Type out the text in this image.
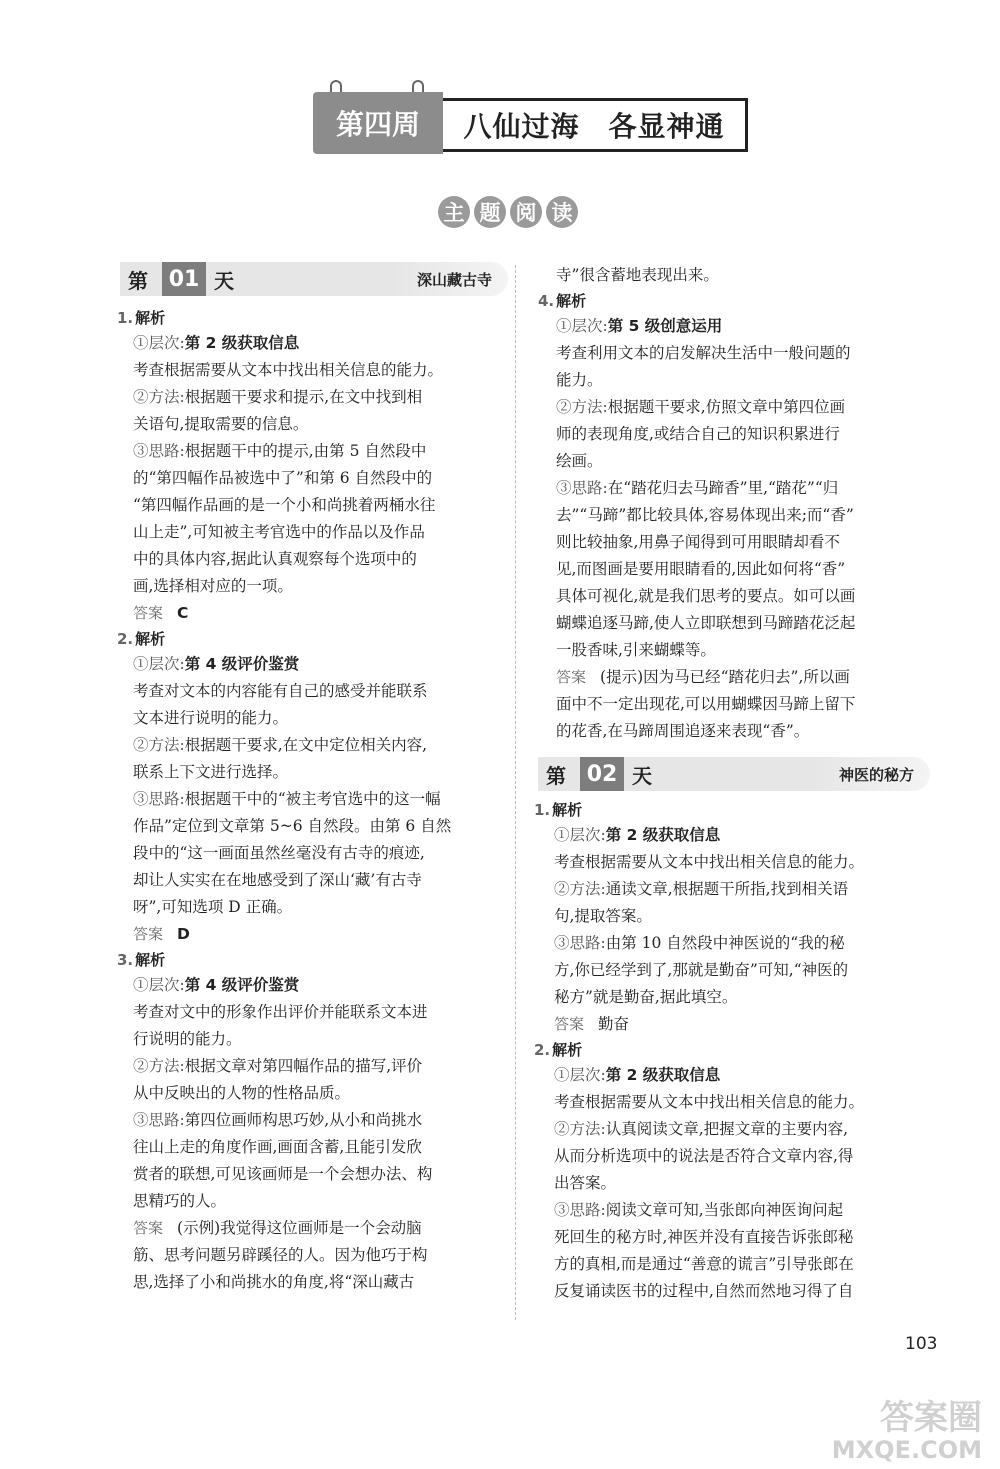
第四周	八仙过海　各显神通
主 题 阅 读
第 01 天	深山藏古寺
1. 解析
①层次:第 2 级获取信息
考查根据需要从文本中找出相关信息的能力。
②方法:根据题干要求和提示,在文中找到相
关语句,提取需要的信息。
③思路:根据题干中的提示,由第 5 自然段中
的“第四幅作品被选中了”和第 6 自然段中的
“第四幅作品画的是一个小和尚挑着两桶水往
山上走”,可知被主考官选中的作品以及作品
中的具体内容,据此认真观察每个选项中的
画,选择相对应的一项。
答案 C
2. 解析
①层次:第 4 级评价鉴赏
考查对文本的内容能有自己的感受并能联系
文本进行说明的能力。
②方法:根据题干要求,在文中定位相关内容,
联系上下文进行选择。
③思路:根据题干中的“被主考官选中的这一幅
作品”定位到文章第 5~6 自然段。由第 6 自然
段中的“这一画面虽然丝毫没有古寺的痕迹,
却让人实实在在地感受到了深山‘藏’有古寺
呀”,可知选项 D 正确。
答案 D
3. 解析
①层次:第 4 级评价鉴赏
考查对文中的形象作出评价并能联系文本进
行说明的能力。
②方法:根据文章对第四幅作品的描写,评价
从中反映出的人物的性格品质。
③思路:第四位画师构思巧妙,从小和尚挑水
往山上走的角度作画,画面含蓄,且能引发欣
赏者的联想,可见该画师是一个会想办法、构
思精巧的人。
答案 (示例)我觉得这位画师是一个会动脑
筋、思考问题另辟蹊径的人。因为他巧于构
思,选择了小和尚挑水的角度,将“深山藏古
寺”很含蓄地表现出来。
4. 解析
①层次:第 5 级创意运用
考查利用文本的启发解决生活中一般问题的
能力。
②方法:根据题干要求,仿照文章中第四位画
师的表现角度,或结合自己的知识积累进行
绘画。
③思路:在“踏花归去马蹄香”里,“踏花”“归
去”“马蹄”都比较具体,容易体现出来;而“香”
则比较抽象,用鼻子闻得到可用眼睛却看不
见,而图画是要用眼睛看的,因此如何将“香”
具体可视化,就是我们思考的要点。如可以画
蝴蝶追逐马蹄,使人立即联想到马蹄踏花泛起
一股香味,引来蝴蝶等。
答案 (提示)因为马已经“踏花归去”,所以画
面中不一定出现花,可以用蝴蝶因马蹄上留下
的花香,在马蹄周围追逐来表现“香”。
第 02 天	神医的秘方
1. 解析
①层次:第 2 级获取信息
考查根据需要从文本中找出相关信息的能力。
②方法:通读文章,根据题干所指,找到相关语
句,提取答案。
③思路:由第 10 自然段中神医说的“我的秘
方,你已经学到了,那就是勤奋”可知,“神医的
秘方”就是勤奋,据此填空。
答案 勤奋
2. 解析
①层次:第 2 级获取信息
考查根据需要从文本中找出相关信息的能力。
②方法:认真阅读文章,把握文章的主要内容,
从而分析选项中的说法是否符合文章内容,得
出答案。
③思路:阅读文章可知,当张郎向神医询问起
死回生的秘方时,神医并没有直接告诉张郎秘
方的真相,而是通过“善意的谎言”引导张郎在
反复诵读医书的过程中,自然而然地习得了自
103
答案圈
MXQE.COM
